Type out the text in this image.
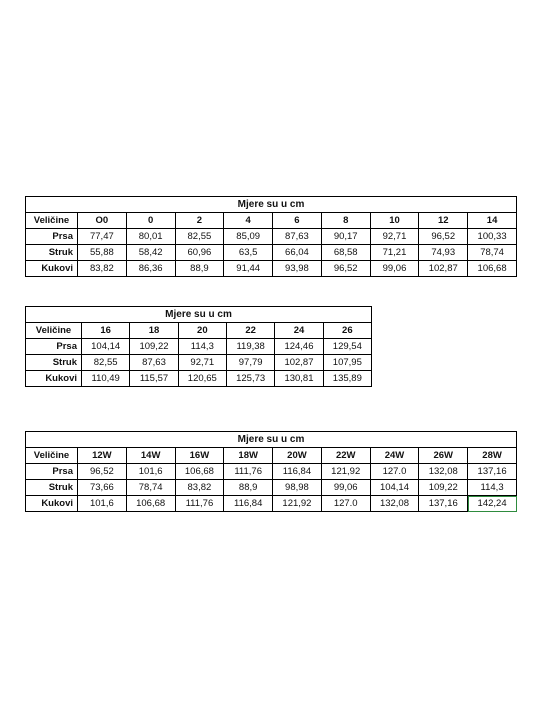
Mjere su u cm									
Veličine	O0	0	2	4	6	8	10	12	14
Prsa	77,47	80,01	82,55	85,09	87,63	90,17	92,71	96,52	100,33
Struk	55,88	58,42	60,96	63,5	66,04	68,58	71,21	74,93	78,74
Kukovi	83,82	86,36	88,9	91,44	93,98	96,52	99,06	102,87	106,68
Mjere su u cm						
Veličine	16	18	20	22	24	26
Prsa	104,14	109,22	114,3	119,38	124,46	129,54
Struk	82,55	87,63	92,71	97,79	102,87	107,95
Kukovi	110,49	115,57	120,65	125,73	130,81	135,89
Mjere su u cm									
Veličine	12W	14W	16W	18W	20W	22W	24W	26W	28W
Prsa	96,52	101,6	106,68	111,76	116,84	121,92	127.0	132,08	137,16
Struk	73,66	78,74	83,82	88,9	98,98	99,06	104,14	109,22	114,3
Kukovi	101,6	106,68	111,76	116,84	121,92	127.0	132,08	137,16	142,24
